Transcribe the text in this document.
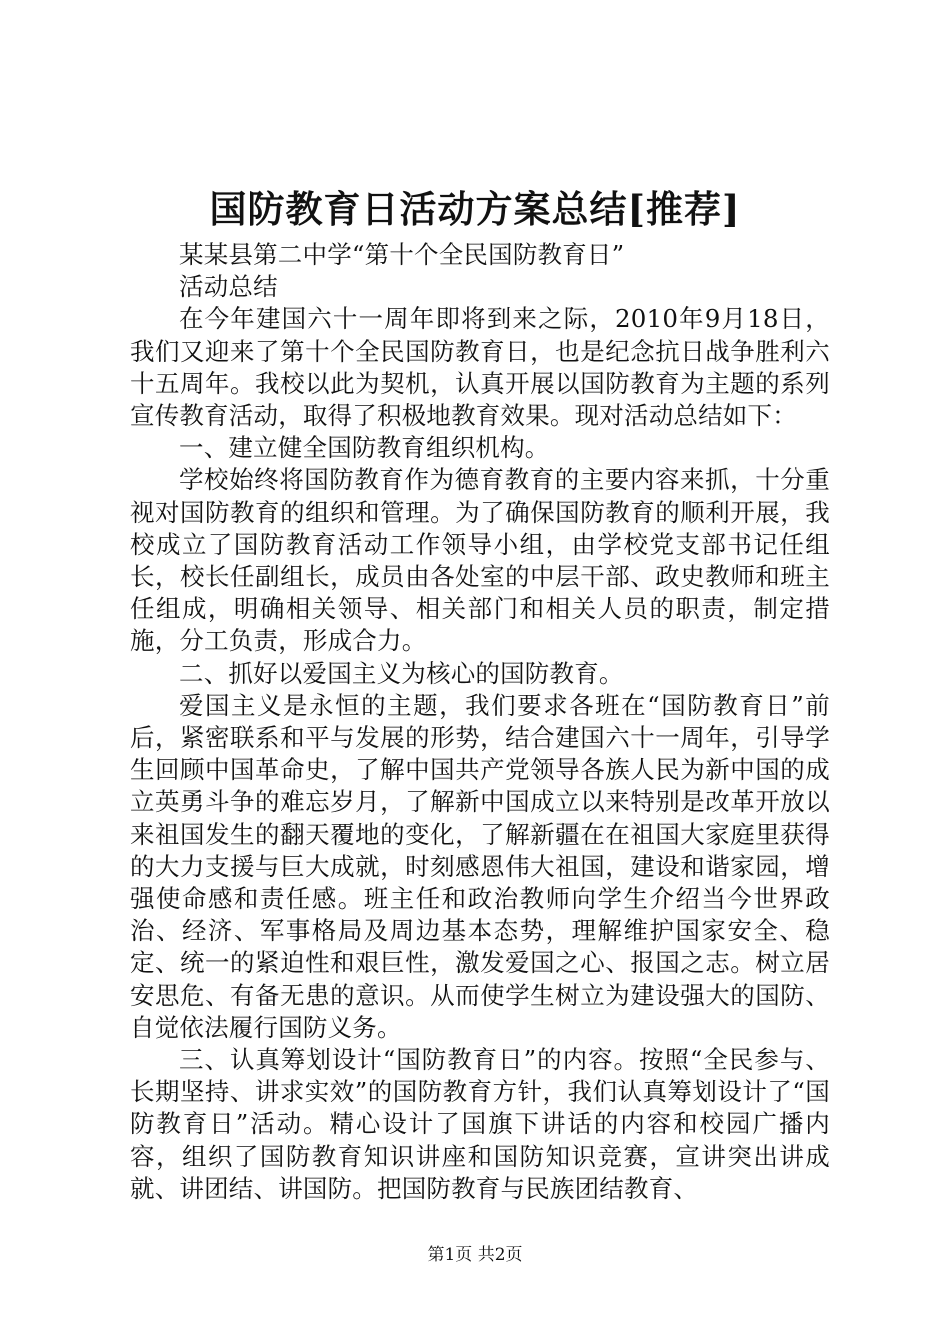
国防教育日活动方案总结[推荐]

某某县第二中学“第十个全民国防教育日”

活动总结

在今年建国六十一周年即将到来之际，2010年9月18日，我们又迎来了第十个全民国防教育日，也是纪念抗日战争胜利六十五周年。我校以此为契机，认真开展以国防教育为主题的系列宣传教育活动，取得了积极地教育效果。现对活动总结如下：

一、建立健全国防教育组织机构。

学校始终将国防教育作为德育教育的主要内容来抓，十分重视对国防教育的组织和管理。为了确保国防教育的顺利开展，我校成立了国防教育活动工作领导小组，由学校党支部书记任组长，校长任副组长，成员由各处室的中层干部、政史教师和班主任组成，明确相关领导、相关部门和相关人员的职责，制定措施，分工负责，形成合力。

二、抓好以爱国主义为核心的国防教育。

爱国主义是永恒的主题，我们要求各班在“国防教育日”前后，紧密联系和平与发展的形势，结合建国六十一周年，引导学生回顾中国革命史，了解中国共产党领导各族人民为新中国的成立英勇斗争的难忘岁月，了解新中国成立以来特别是改革开放以来祖国发生的翻天覆地的变化，了解新疆在在祖国大家庭里获得的大力支援与巨大成就，时刻感恩伟大祖国，建设和谐家园，增强使命感和责任感。班主任和政治教师向学生介绍当今世界政治、经济、军事格局及周边基本态势，理解维护国家安全、稳定、统一的紧迫性和艰巨性，激发爱国之心、报国之志。树立居安思危、有备无患的意识。从而使学生树立为建设强大的国防、自觉依法履行国防义务。

三、认真筹划设计“国防教育日”的内容。按照“全民参与、长期坚持、讲求实效”的国防教育方针，我们认真筹划设计了“国防教育日”活动。精心设计了国旗下讲话的内容和校园广播内容，组织了国防教育知识讲座和国防知识竞赛，宣讲突出讲成就、讲团结、讲国防。把国防教育与民族团结教育、

第1页 共2页
